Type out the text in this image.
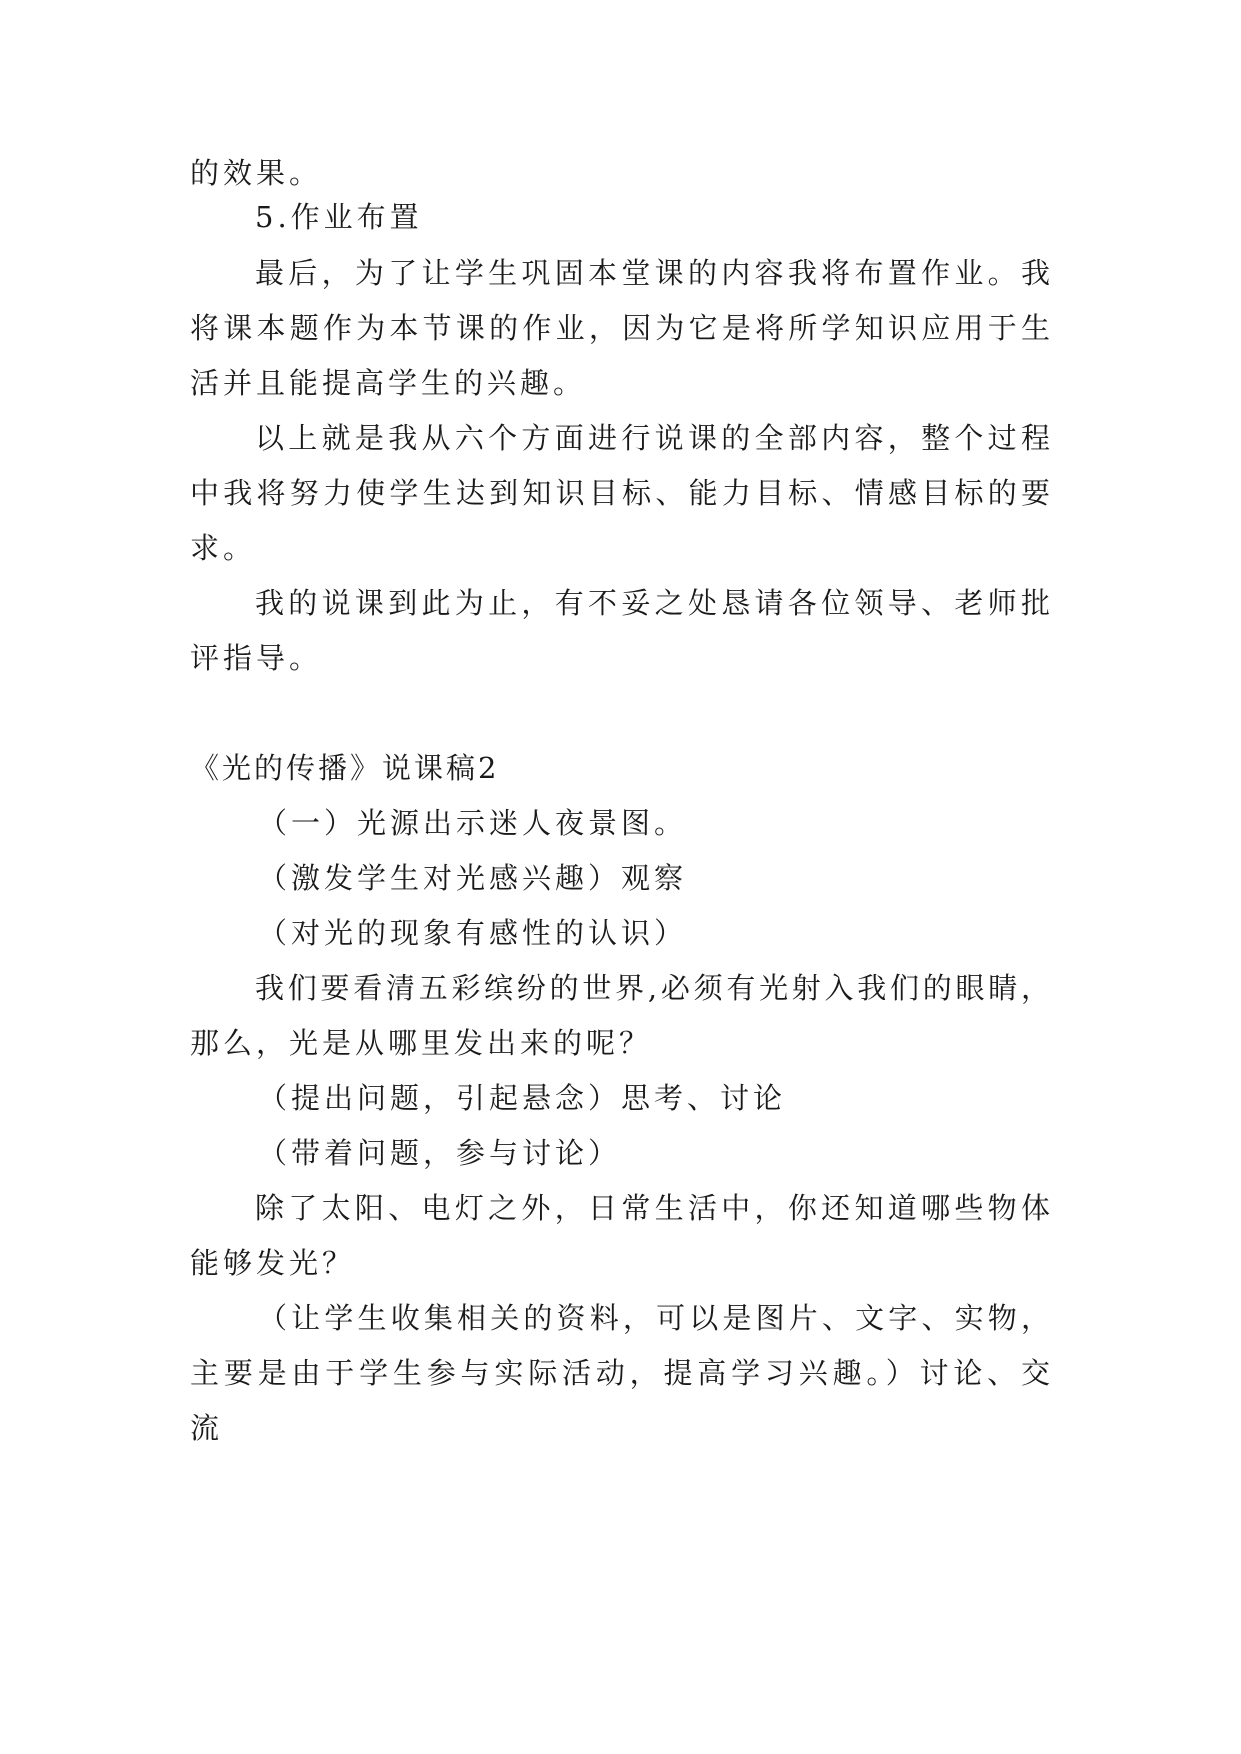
的效果。
5.作业布置
最后，为了让学生巩固本堂课的内容我将布置作业。我
将课本题作为本节课的作业，因为它是将所学知识应用于生
活并且能提高学生的兴趣。
以上就是我从六个方面进行说课的全部内容，整个过程
中我将努力使学生达到知识目标、能力目标、情感目标的要
求。
我的说课到此为止，有不妥之处恳请各位领导、老师批
评指导。
《光的传播》说课稿2
（一）光源出示迷人夜景图。
（激发学生对光感兴趣）观察
（对光的现象有感性的认识）
我们要看清五彩缤纷的世界,必须有光射入我们的眼睛，
那么，光是从哪里发出来的呢？
（提出问题，引起悬念）思考、讨论
（带着问题，参与讨论）
除了太阳、电灯之外，日常生活中，你还知道哪些物体
能够发光？
（让学生收集相关的资料，可以是图片、文字、实物，
主要是由于学生参与实际活动，提高学习兴趣。）讨论、交
流
